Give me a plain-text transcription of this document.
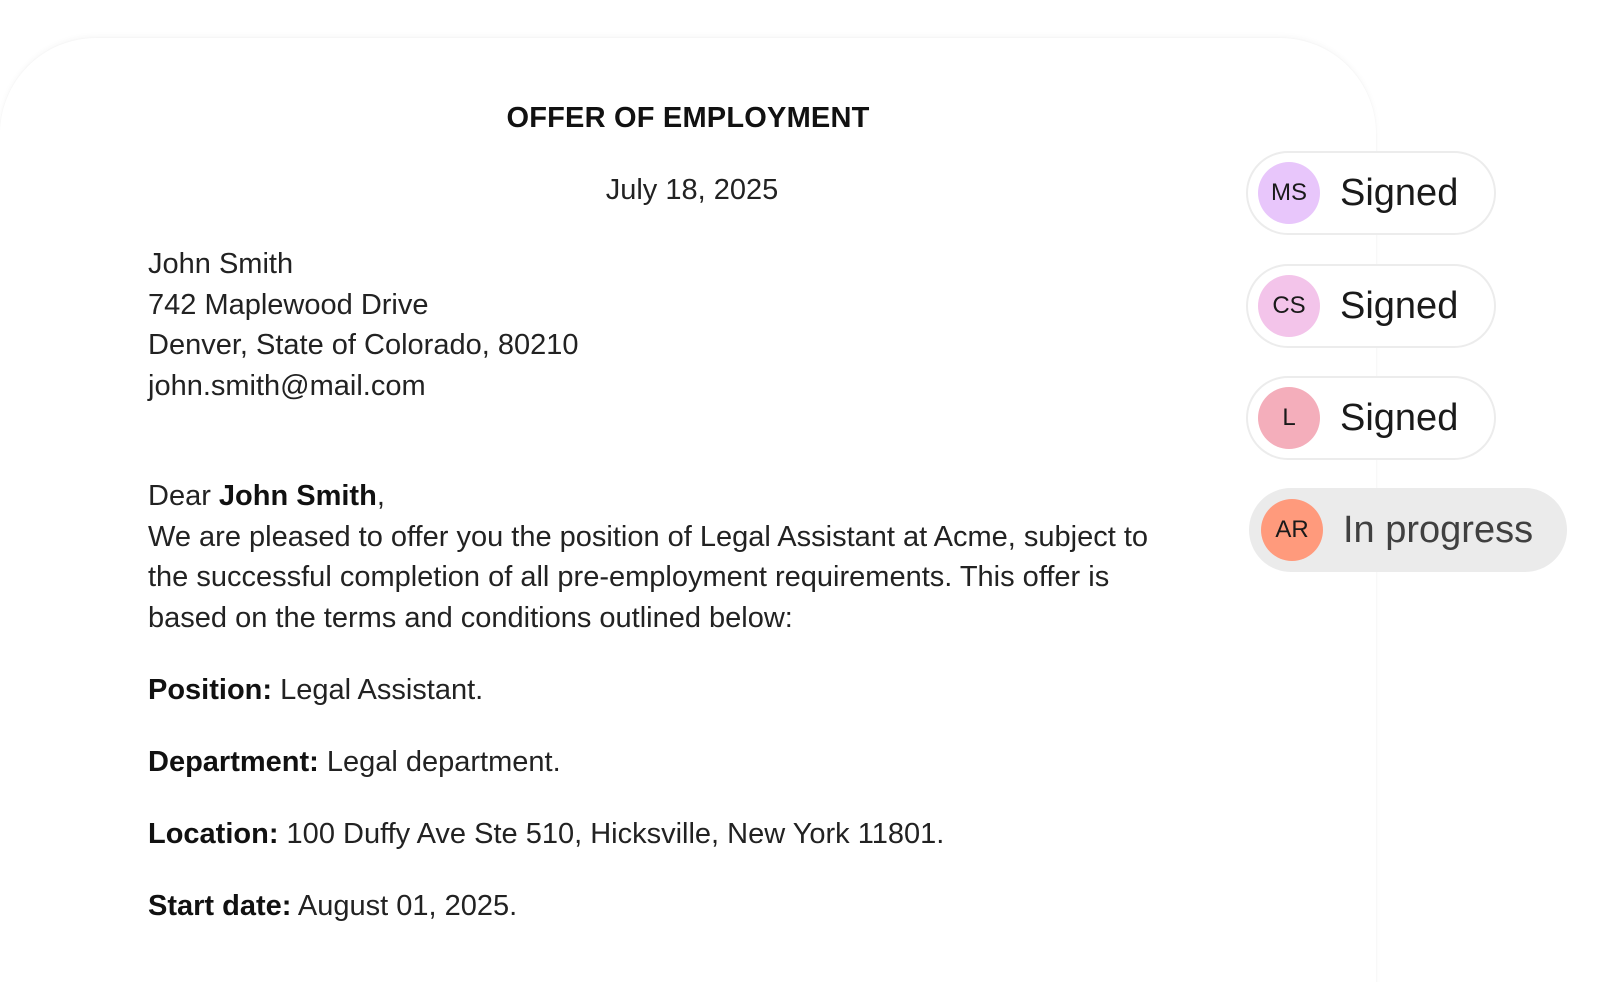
OFFER OF EMPLOYMENT
July 18, 2025
John Smith
742 Maplewood Drive
Denver, State of Colorado, 80210
john.smith@mail.com
Dear John Smith,

We are pleased to offer you the position of Legal Assistant at Acme, subject to the successful completion of all pre-employment requirements. This offer is based on the terms and conditions outlined below:

Position: Legal Assistant.
Department: Legal department.
Location: 100 Duffy Ave Ste 510, Hicksville, New York 11801.
Start date: August 01, 2025.
MS Signed
CS Signed
L	Signed
AR In progress
